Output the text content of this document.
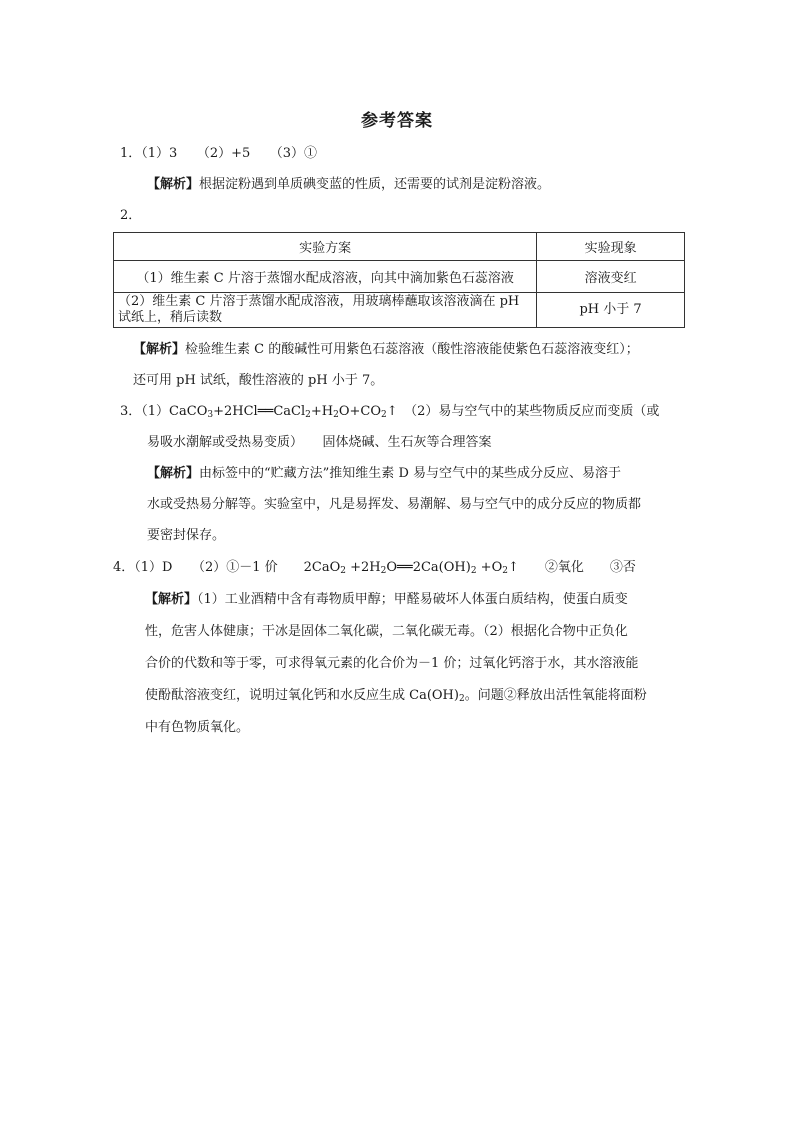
参考答案
1．（1）3　　（2）+5　　（3）①
【解析】根据淀粉遇到单质碘变蓝的性质，还需要的试剂是淀粉溶液。
2．
实验方案	实验现象
（1）维生素 C 片溶于蒸馏水配成溶液，向其中滴加紫色石蕊溶液	溶液变红
（2）维生素 C 片溶于蒸馏水配成溶液，用玻璃棒蘸取该溶液滴在 pH 试纸上，稍后读数	pH 小于 7
【解析】检验维生素 C 的酸碱性可用紫色石蕊溶液（酸性溶液能使紫色石蕊溶液变红）；
还可用 pH 试纸，酸性溶液的 pH 小于 7。
3．$(1)CaCO_3+2HCl══CaCl_2+H_2O+CO_2↑$　（2）易与空气中的某些物质反应而变质（或
易吸水潮解或受热易变质）　　固体烧碱、生石灰等合理答案
【解析】由标签中的“贮藏方法”推知维生素 D 易与空气中的某些成分反应、易溶于
水或受热易分解等。实验室中，凡是易挥发、易潮解、易与空气中的成分反应的物质都
要密封保存。
4．（1）D　　（2）①－1 价　　$2CaO_2 +2H_2O══2Ca(OH)_2$ $+O_2↑$　　②氧化　　③否
【解析】（1）工业酒精中含有毒物质甲醇；甲醛易破坏人体蛋白质结构，使蛋白质变
性，危害人体健康；干冰是固体二氧化碳，二氧化碳无毒。（2）根据化合物中正负化
合价的代数和等于零，可求得氧元素的化合价为－1 价；过氧化钙溶于水，其水溶液能
使酚酞溶液变红，说明过氧化钙和水反应生成 $Ca(OH)_2$。问题②释放出活性氧能将面粉
中有色物质氧化。
